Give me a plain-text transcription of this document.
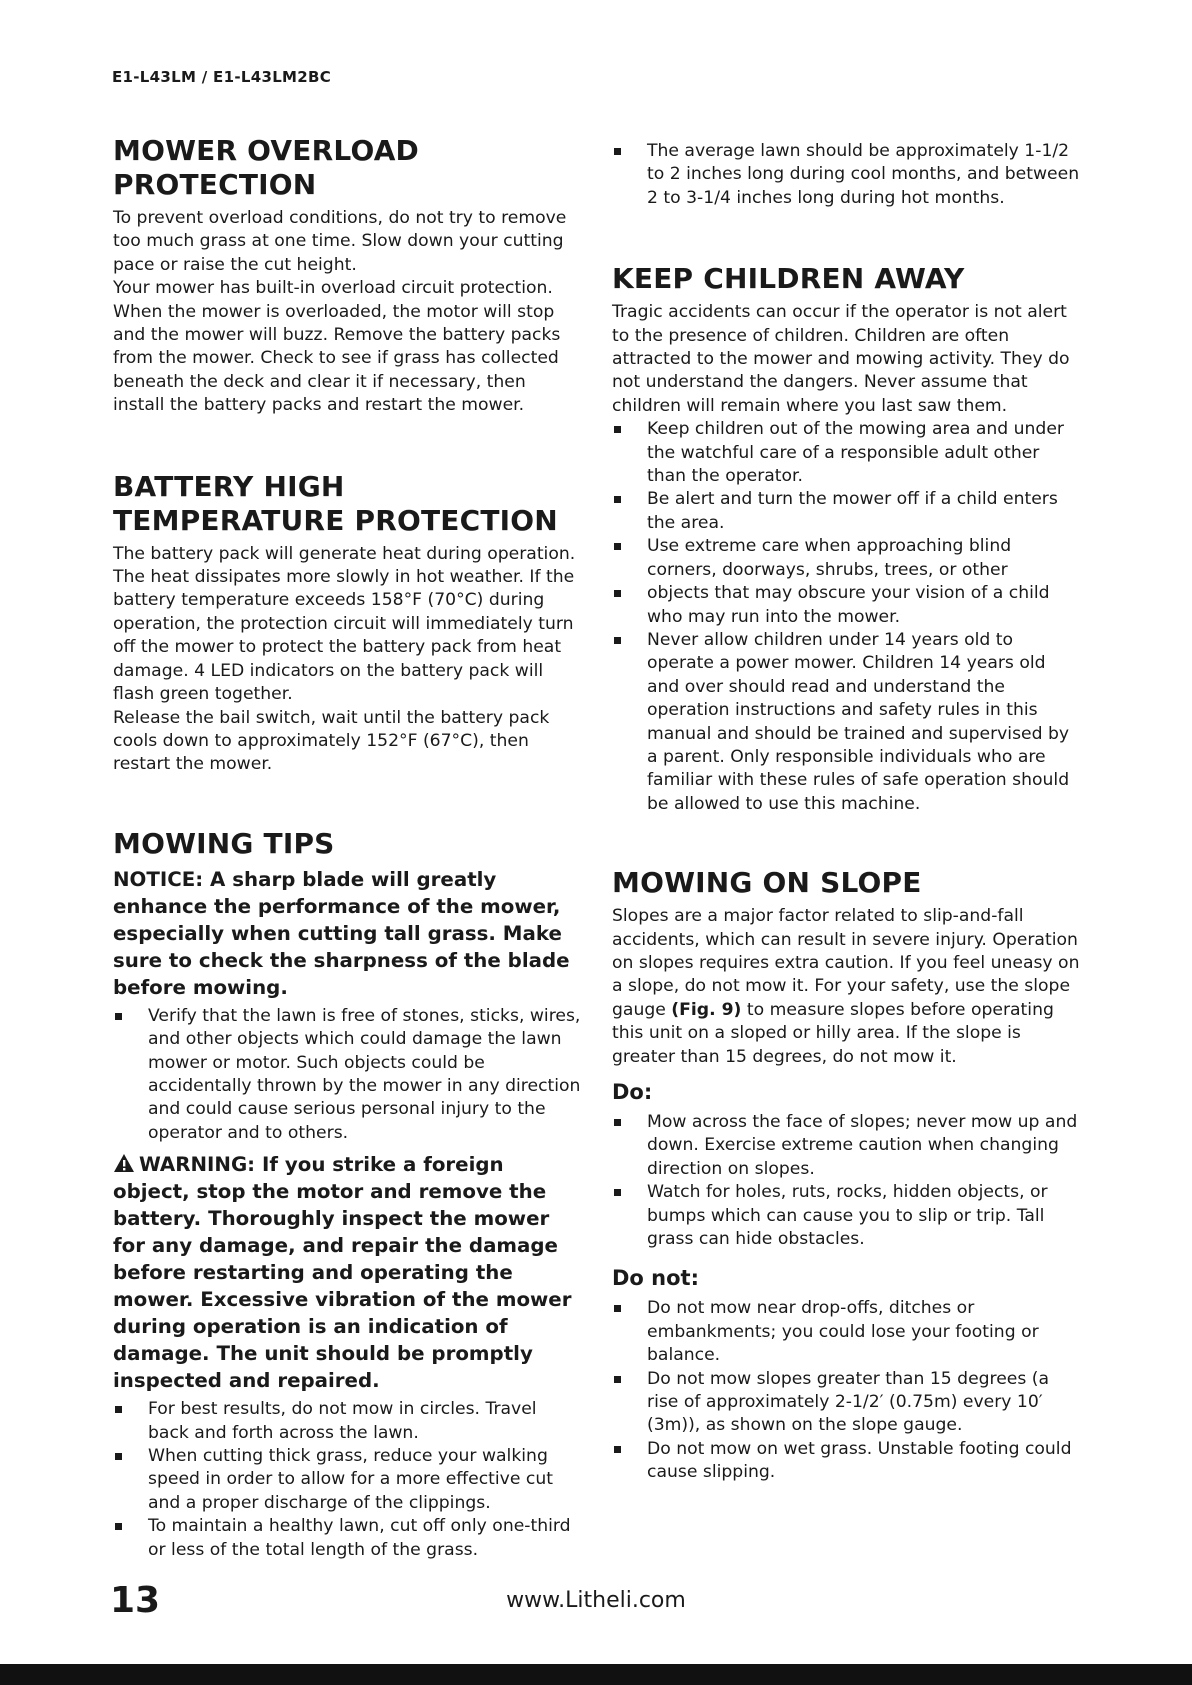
E1-L43LM / E1-L43LM2BC
MOWER OVERLOAD PROTECTION

To prevent overload conditions, do not try to remove too much grass at one time. Slow down your cutting pace or raise the cut height.

Your mower has built-in overload circuit protection. When the mower is overloaded, the motor will stop and the mower will buzz. Remove the battery packs from the mower. Check to see if grass has collected beneath the deck and clear it if necessary, then install the battery packs and restart the mower.

BATTERY HIGH TEMPERATURE PROTECTION

The battery pack will generate heat during operation. The heat dissipates more slowly in hot weather. If the battery temperature exceeds 158°F (70°C) during operation, the protection circuit will immediately turn off the mower to protect the battery pack from heat damage. 4 LED indicators on the battery pack will flash green together.

Release the bail switch, wait until the battery pack cools down to approximately 152°F (67°C), then restart the mower.

MOWING TIPS

NOTICE: A sharp blade will greatly enhance the performance of the mower, especially when cutting tall grass. Make sure to check the sharpness of the blade before mowing.

Verify that the lawn is free of stones, sticks, wires, and other objects which could damage the lawn mower or motor. Such objects could be accidentally thrown by the mower in any direction and could cause serious personal injury to the operator and to others.

WARNING: If you strike a foreign object, stop the motor and remove the battery. Thoroughly inspect the mower for any damage, and repair the damage before restarting and operating the mower. Excessive vibration of the mower during operation is an indication of damage. The unit should be promptly inspected and repaired.

For best results, do not mow in circles. Travel back and forth across the lawn.
When cutting thick grass, reduce your walking speed in order to allow for a more effective cut and a proper discharge of the clippings.
To maintain a healthy lawn, cut off only one-third or less of the total length of the grass.
The average lawn should be approximately 1-1/2 to 2 inches long during cool months, and between 2 to 3-1/4 inches long during hot months.
KEEP CHILDREN AWAY

Tragic accidents can occur if the operator is not alert to the presence of children. Children are often attracted to the mower and mowing activity. They do not understand the dangers. Never assume that children will remain where you last saw them.

Keep children out of the mowing area and under the watchful care of a responsible adult other than the operator.
Be alert and turn the mower off if a child enters the area.
Use extreme care when approaching blind corners, doorways, shrubs, trees, or other
objects that may obscure your vision of a child who may run into the mower.
Never allow children under 14 years old to operate a power mower. Children 14 years old and over should read and understand the operation instructions and safety rules in this manual and should be trained and supervised by a parent. Only responsible individuals who are familiar with these rules of safe operation should be allowed to use this machine.
MOWING ON SLOPE

Slopes are a major factor related to slip-and-fall accidents, which can result in severe injury. Operation on slopes requires extra caution. If you feel uneasy on a slope, do not mow it. For your safety, use the slope gauge (Fig. 9) to measure slopes before operating this unit on a sloped or hilly area. If the slope is greater than 15 degrees, do not mow it.

Do:
Mow across the face of slopes; never mow up and down. Exercise extreme caution when changing direction on slopes.
Watch for holes, ruts, rocks, hidden objects, or bumps which can cause you to slip or trip. Tall grass can hide obstacles.
Do not:
Do not mow near drop-offs, ditches or embankments; you could lose your footing or balance.
Do not mow slopes greater than 15 degrees (a rise of approximately 2-1/2′ (0.75m) every 10′ (3m)), as shown on the slope gauge.
Do not mow on wet grass. Unstable footing could cause slipping.
13	www.Litheli.com
